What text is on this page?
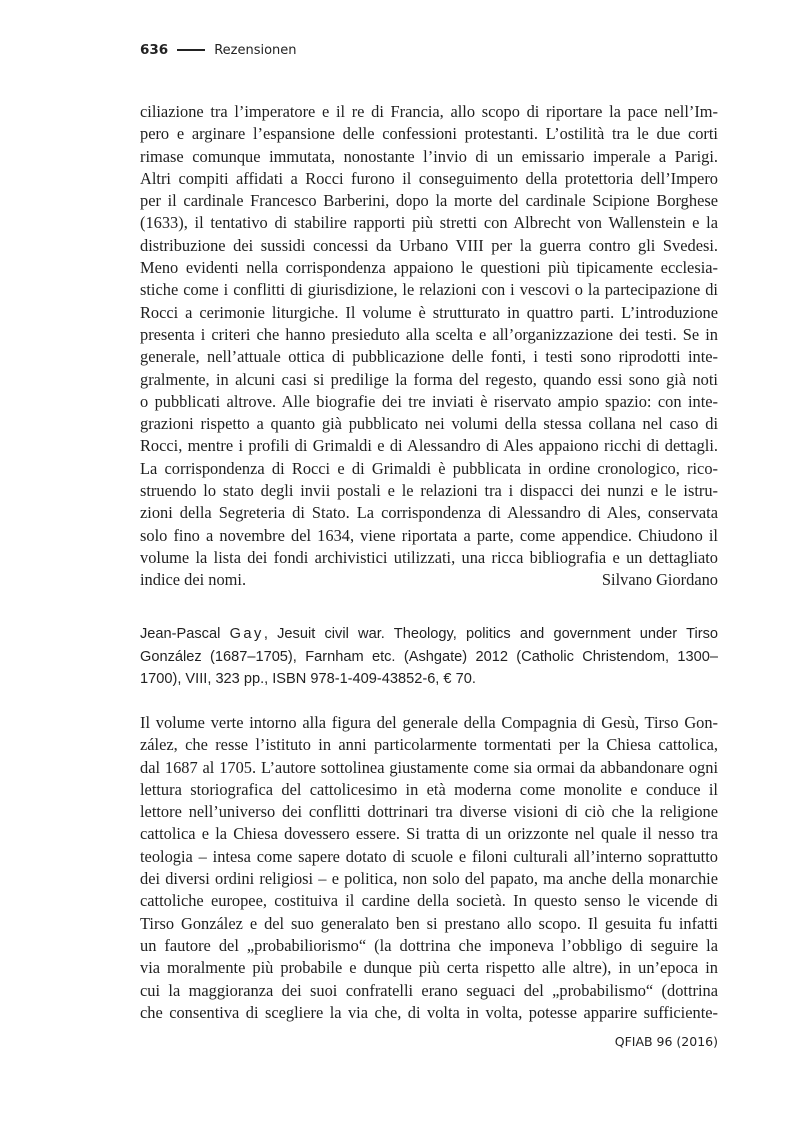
636	Rezensionen
ciliazione tra l’imperatore e il re di Francia, allo scopo di riportare la pace nell’Im-
pero e arginare l’espansione delle confessioni protestanti. L’ostilità tra le due corti
rimase comunque immutata, nonostante l’invio di un emissario imperale a Parigi.
Altri compiti affidati a Rocci furono il conseguimento della protettoria dell’Impero
per il cardinale Francesco Barberini, dopo la morte del cardinale Scipione Borghese
(1633), il tentativo di stabilire rapporti più stretti con Albrecht von Wallenstein e la
distribuzione dei sussidi concessi da Urbano VIII per la guerra contro gli Svedesi.
Meno evidenti nella corrispondenza appaiono le questioni più tipicamente ecclesia-
stiche come i conflitti di giurisdizione, le relazioni con i vescovi o la partecipazione di
Rocci a cerimonie liturgiche. Il volume è strutturato in quattro parti. L’introduzione
presenta i criteri che hanno presieduto alla scelta e all’organizzazione dei testi. Se in
generale, nell’attuale ottica di pubblicazione delle fonti, i testi sono riprodotti inte-
gralmente, in alcuni casi si predilige la forma del regesto, quando essi sono già noti
o pubblicati altrove. Alle biografie dei tre inviati è riservato ampio spazio: con inte-
grazioni rispetto a quanto già pubblicato nei volumi della stessa collana nel caso di
Rocci, mentre i profili di Grimaldi e di Alessandro di Ales appaiono ricchi di dettagli.
La corrispondenza di Rocci e di Grimaldi è pubblicata in ordine cronologico, rico-
struendo lo stato degli invii postali e le relazioni tra i dispacci dei nunzi e le istru-
zioni della Segreteria di Stato. La corrispondenza di Alessandro di Ales, conservata
solo fino a novembre del 1634, viene riportata a parte, come appendice. Chiudono il
volume la lista dei fondi archivistici utilizzati, una ricca bibliografia e un dettagliato
indice dei nomi.	Silvano Giordano
Jean-Pascal Gay, Jesuit civil war. Theology, politics and government under Tirso
González (1687–1705), Farnham etc. (Ashgate) 2012 (Catholic Christendom, 1300–
1700), VIII, 323 pp., ISBN 978-1-409-43852-6, € 70.
Il volume verte intorno alla figura del generale della Compagnia di Gesù, Tirso Gon-
zález, che resse l’istituto in anni particolarmente tormentati per la Chiesa cattolica,
dal 1687 al 1705. L’autore sottolinea giustamente come sia ormai da abbandonare ogni
lettura storiografica del cattolicesimo in età moderna come monolite e conduce il
lettore nell’universo dei conflitti dottrinari tra diverse visioni di ciò che la religione
cattolica e la Chiesa dovessero essere. Si tratta di un orizzonte nel quale il nesso tra
teologia – intesa come sapere dotato di scuole e filoni culturali all’interno soprattutto
dei diversi ordini religiosi – e politica, non solo del papato, ma anche della monarchie
cattoliche europee, costituiva il cardine della società. In questo senso le vicende di
Tirso González e del suo generalato ben si prestano allo scopo. Il gesuita fu infatti
un fautore del „probabiliorismo“ (la dottrina che imponeva l’obbligo di seguire la
via moralmente più probabile e dunque più certa rispetto alle altre), in un’epoca in
cui la maggioranza dei suoi confratelli erano seguaci del „probabilismo“ (dottrina
che consentiva di scegliere la via che, di volta in volta, potesse apparire sufficiente-
QFIAB 96 (2016)
